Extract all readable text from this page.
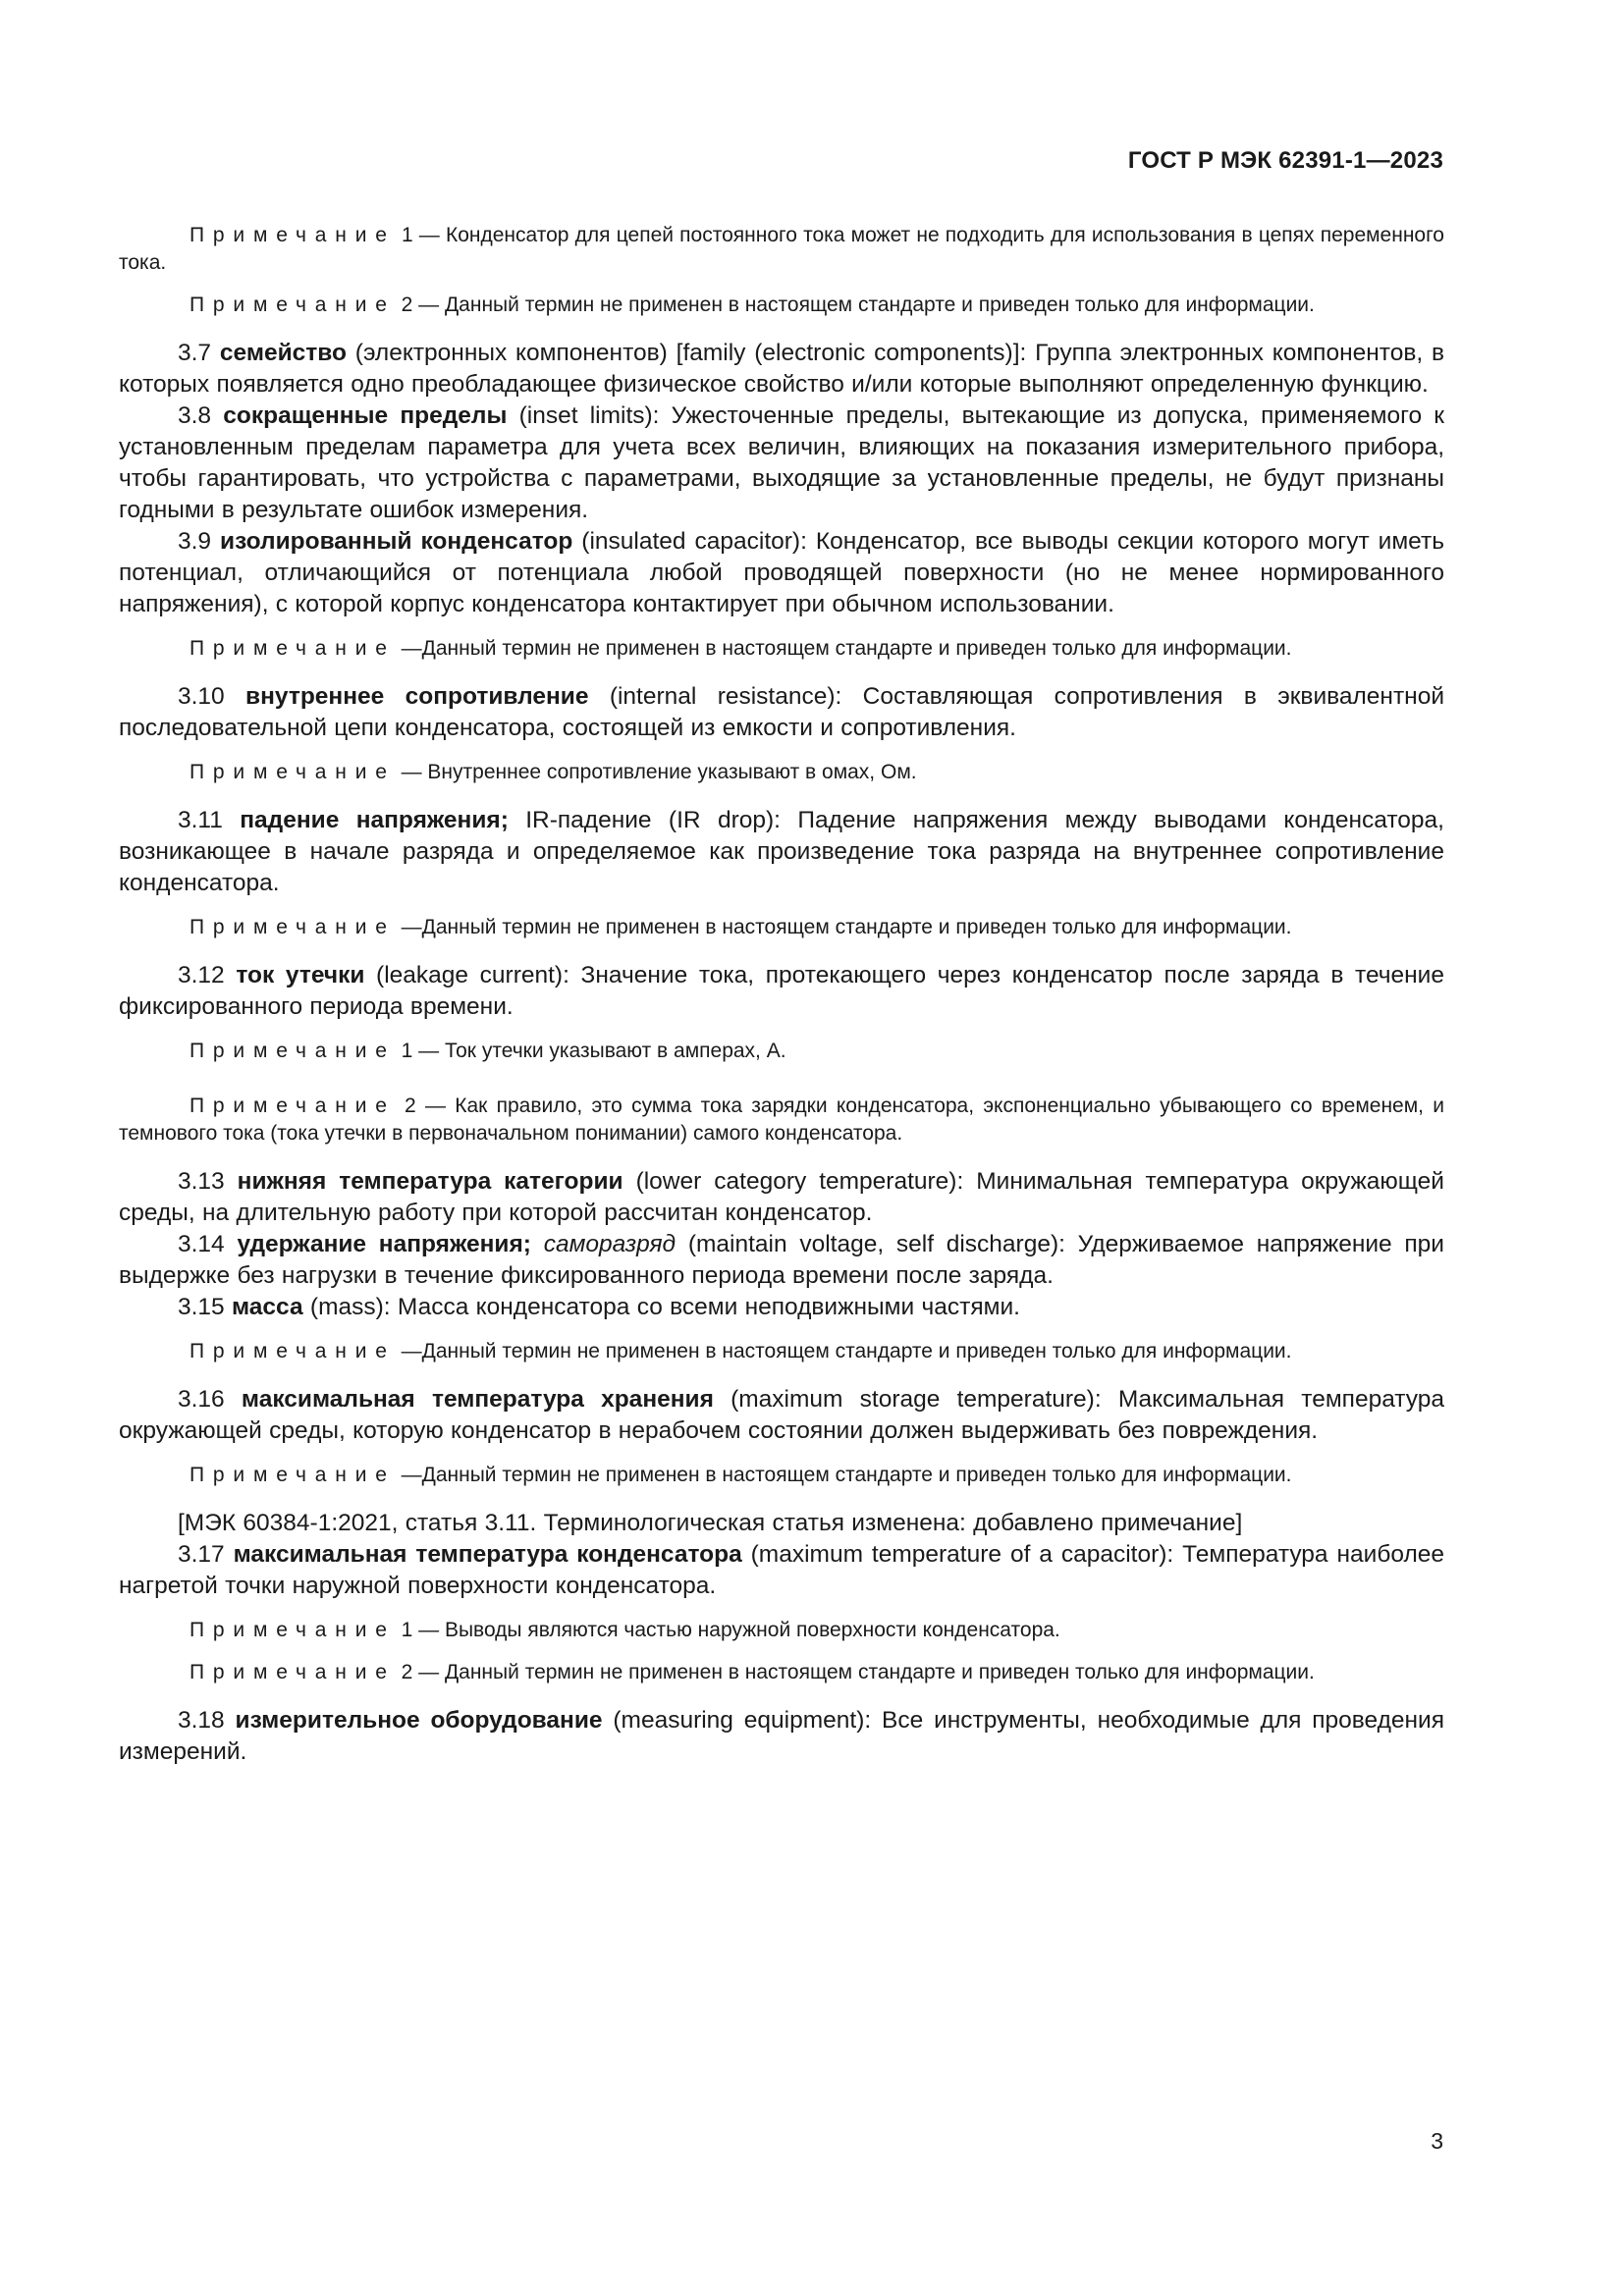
ГОСТ Р МЭК 62391-1—2023

Примечание 1 — Конденсатор для цепей постоянного тока может не подходить для использования в цепях переменного тока.

Примечание 2 — Данный термин не применен в настоящем стандарте и приведен только для информации.

3.7 семейство (электронных компонентов) [family (electronic components)]: Группа электронных компонентов, в которых появляется одно преобладающее физическое свойство и/или которые выполняют определенную функцию.

3.8 сокращенные пределы (inset limits): Ужесточенные пределы, вытекающие из допуска, применяемого к установленным пределам параметра для учета всех величин, влияющих на показания измерительного прибора, чтобы гарантировать, что устройства с параметрами, выходящие за установленные пределы, не будут признаны годными в результате ошибок измерения.

3.9 изолированный конденсатор (insulated capacitor): Конденсатор, все выводы секции которого могут иметь потенциал, отличающийся от потенциала любой проводящей поверхности (но не менее нормированного напряжения), с которой корпус конденсатора контактирует при обычном использовании.

Примечание —Данный термин не применен в настоящем стандарте и приведен только для информации.

3.10 внутреннее сопротивление (internal resistance): Составляющая сопротивления в эквивалентной последовательной цепи конденсатора, состоящей из емкости и сопротивления.

Примечание — Внутреннее сопротивление указывают в омах, Ом.

3.11 падение напряжения; IR-падение (IR drop): Падение напряжения между выводами конденсатора, возникающее в начале разряда и определяемое как произведение тока разряда на внутреннее сопротивление конденсатора.

Примечание —Данный термин не применен в настоящем стандарте и приведен только для информации.

3.12 ток утечки (leakage current): Значение тока, протекающего через конденсатор после заряда в течение фиксированного периода времени.

Примечание 1 — Ток утечки указывают в амперах, А.

Примечание 2 — Как правило, это сумма тока зарядки конденсатора, экспоненциально убывающего со временем, и темнового тока (тока утечки в первоначальном понимании) самого конденсатора.

3.13 нижняя температура категории (lower category temperature): Минимальная температура окружающей среды, на длительную работу при которой рассчитан конденсатор.

3.14 удержание напряжения; саморазряд (maintain voltage, self discharge): Удерживаемое напряжение при выдержке без нагрузки в течение фиксированного периода времени после заряда.

3.15 масса (mass): Масса конденсатора со всеми неподвижными частями.

Примечание —Данный термин не применен в настоящем стандарте и приведен только для информации.

3.16 максимальная температура хранения (maximum storage temperature): Максимальная температура окружающей среды, которую конденсатор в нерабочем состоянии должен выдерживать без повреждения.

Примечание —Данный термин не применен в настоящем стандарте и приведен только для информации.

[МЭК 60384-1:2021, статья 3.11. Терминологическая статья изменена: добавлено примечание]

3.17 максимальная температура конденсатора (maximum temperature of a capacitor): Температура наиболее нагретой точки наружной поверхности конденсатора.

Примечание 1 — Выводы являются частью наружной поверхности конденсатора.

Примечание 2 — Данный термин не применен в настоящем стандарте и приведен только для информации.

3.18 измерительное оборудование (measuring equipment): Все инструменты, необходимые для проведения измерений.

3
